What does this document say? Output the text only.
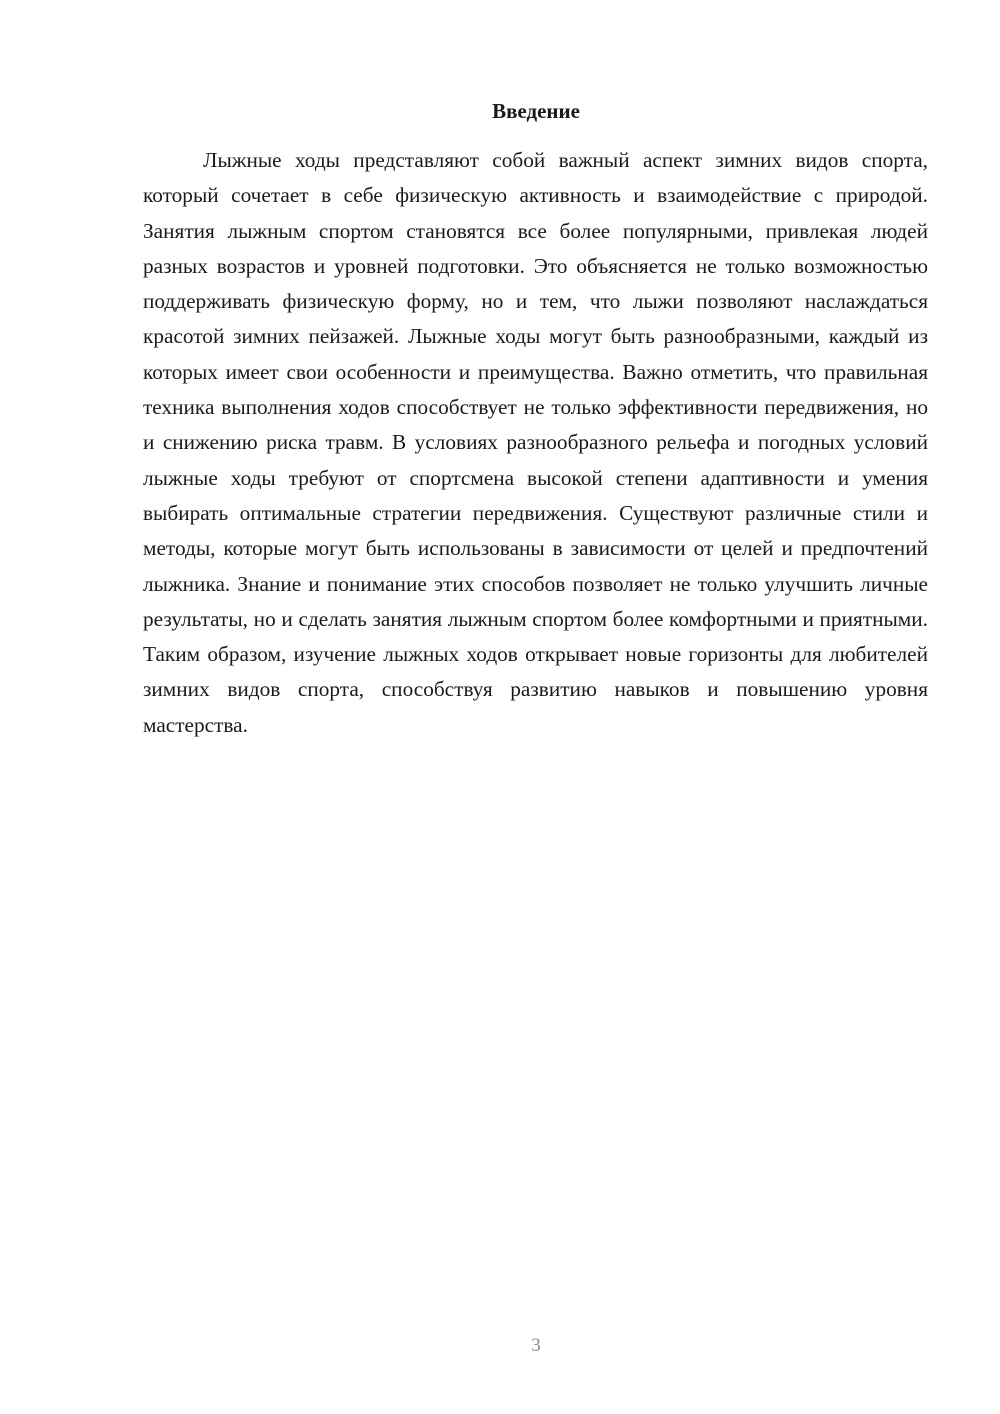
Введение

Лыжные ходы представляют собой важный аспект зимних видов спорта, который сочетает в себе физическую активность и взаимодействие с природой. Занятия лыжным спортом становятся все более популярными, привлекая людей разных возрастов и уровней подготовки. Это объясняется не только возможностью поддерживать физическую форму, но и тем, что лыжи позволяют наслаждаться красотой зимних пейзажей. Лыжные ходы могут быть разнообразными, каждый из которых имеет свои особенности и преимущества. Важно отметить, что правильная техника выполнения ходов способствует не только эффективности передвижения, но и снижению риска травм. В условиях разнообразного рельефа и погодных условий лыжные ходы требуют от спортсмена высокой степени адаптивности и умения выбирать оптимальные стратегии передвижения. Существуют различные стили и методы, которые могут быть использованы в зависимости от целей и предпочтений лыжника. Знание и понимание этих способов позволяет не только улучшить личные результаты, но и сделать занятия лыжным спортом более комфортными и приятными. Таким образом, изучение лыжных ходов открывает новые горизонты для любителей зимних видов спорта, способствуя развитию навыков и повышению уровня мастерства.

3
